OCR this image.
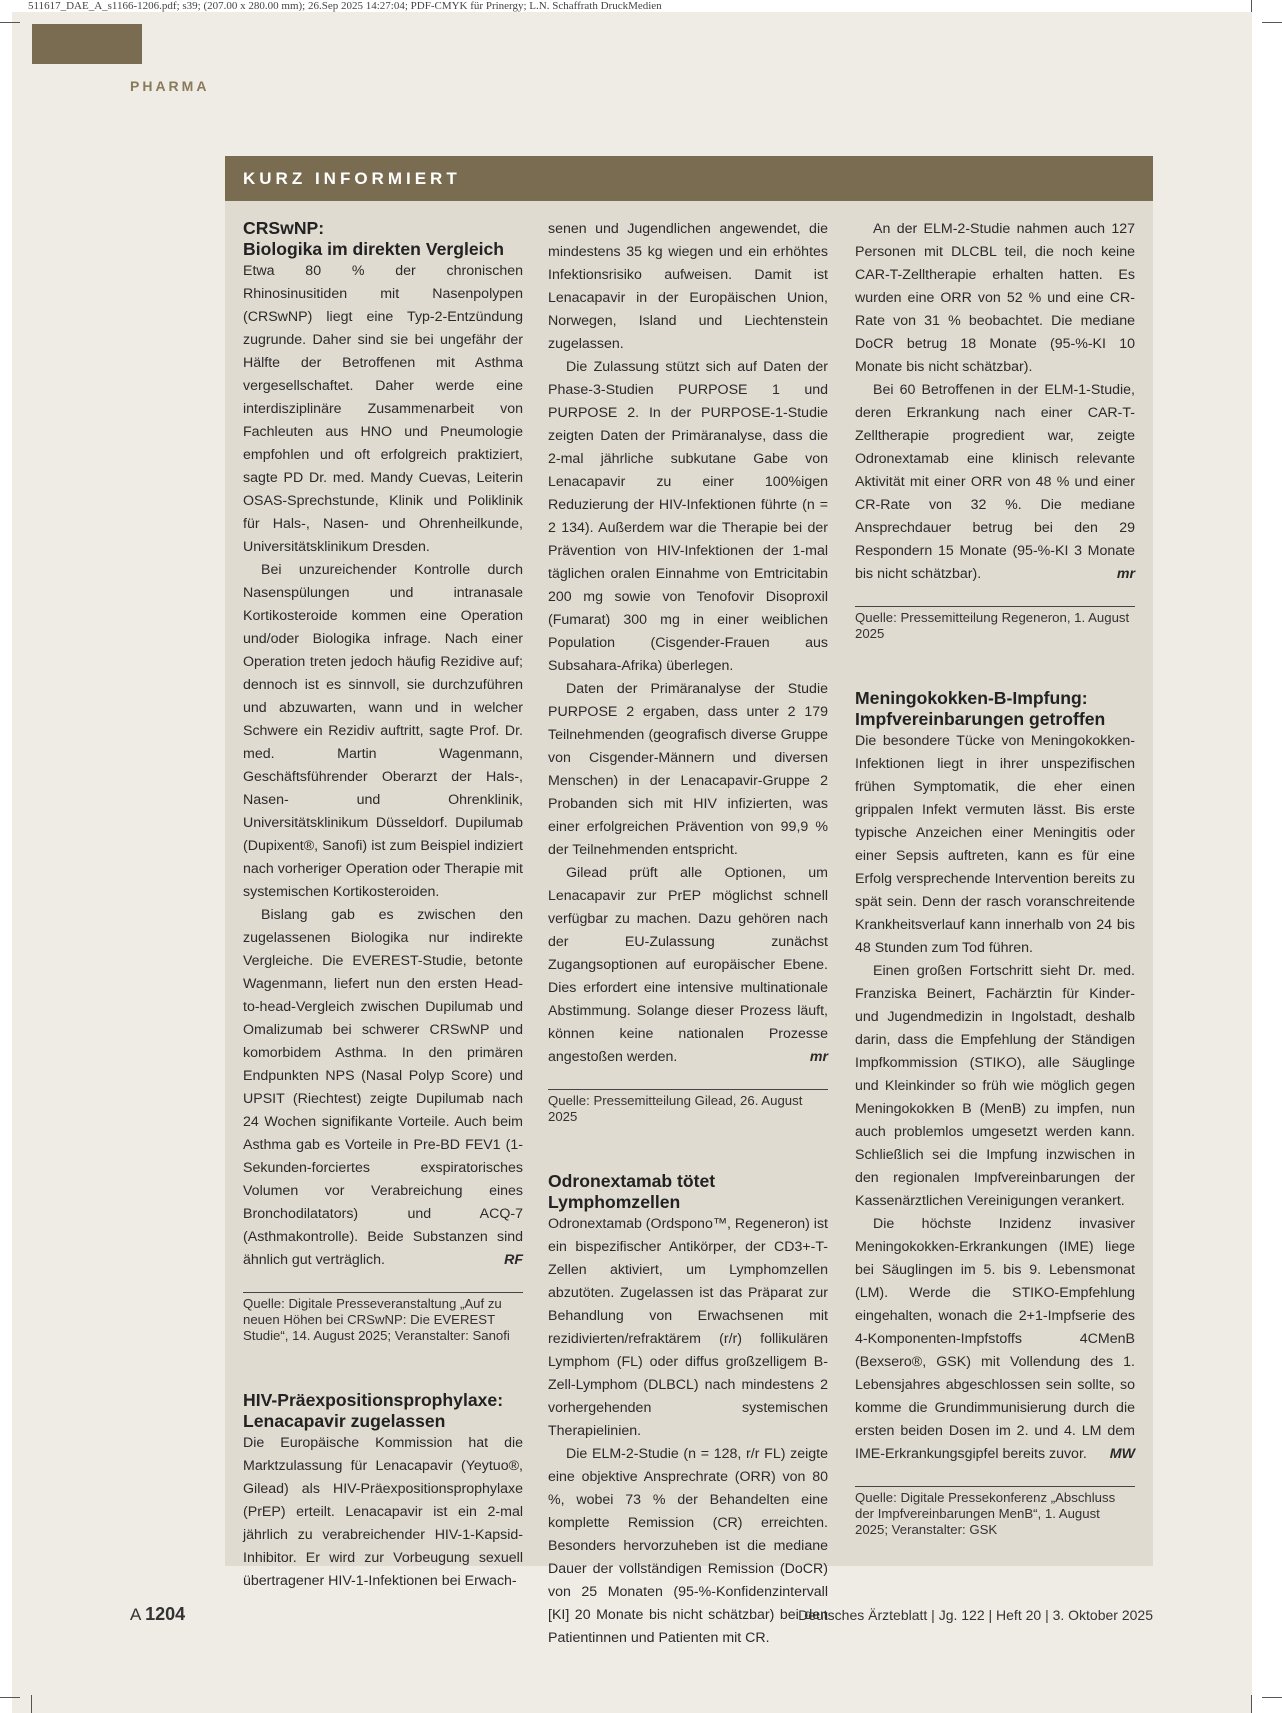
511617_DAE_A_s1166-1206.pdf; s39; (207.00 x 280.00 mm); 26.Sep 2025 14:27:04; PDF-CMYK für Prinergy; L.N. Schaffrath DruckMedien
PHARMA
KURZ INFORMIERT
CRSwNP:
Biologika im direkten Vergleich

Etwa 80 % der chronischen Rhinosinusitiden mit Nasenpolypen (CRSwNP) liegt eine Typ-2-Entzündung zugrunde. Daher sind sie bei ungefähr der Hälfte der Betroffenen mit Asthma vergesellschaftet. Daher werde eine interdisziplinäre Zusammenarbeit von Fachleuten aus HNO und Pneumologie empfohlen und oft erfolgreich praktiziert, sagte PD Dr. med. Mandy Cuevas, Leiterin OSAS-Sprechstunde, Klinik und Poliklinik für Hals-, Nasen- und Ohrenheilkunde, Universitätsklinikum Dresden.

Bei unzureichender Kontrolle durch Nasenspülungen und intranasale Kortikosteroide kommen eine Operation und/oder Biologika infrage. Nach einer Operation treten jedoch häufig Rezidive auf; dennoch ist es sinnvoll, sie durchzuführen und abzuwarten, wann und in welcher Schwere ein Rezidiv auftritt, sagte Prof. Dr. med. Martin Wagenmann, Geschäftsführender Oberarzt der Hals-, Nasen- und Ohrenklinik, Universitätsklinikum Düsseldorf. Dupilumab (Dupixent®, Sanofi) ist zum Beispiel indiziert nach vorheriger Operation oder Therapie mit systemischen Kortikosteroiden.

Bislang gab es zwischen den zugelassenen Biologika nur indirekte Vergleiche. Die EVEREST-Studie, betonte Wagenmann, liefert nun den ersten Head-to-head-Vergleich zwischen Dupilumab und Omalizumab bei schwerer CRSwNP und komorbidem Asthma. In den primären Endpunkten NPS (Nasal Polyp Score) und UPSIT (Riechtest) zeigte Dupilumab nach 24 Wochen signifikante Vorteile. Auch beim Asthma gab es Vorteile in Pre-BD FEV1 (1-Sekunden-forciertes exspiratorisches Volumen vor Verabreichung eines Bronchodilatators) und ACQ-7 (Asthmakontrolle). Beide Substanzen sind ähnlich gut verträglich.	RF

Quelle: Digitale Presseveranstaltung „Auf zu neuen Höhen bei CRSwNP: Die EVEREST Studie“, 14. August 2025; Veranstalter: Sanofi
HIV-Präexpositionsprophylaxe:
Lenacapavir zugelassen

Die Europäische Kommission hat die Marktzulassung für Lenacapavir (Yeytuo®, Gilead) als HIV-Präexpositionsprophylaxe (PrEP) erteilt. Lenacapavir ist ein 2-mal jährlich zu verabreichender HIV-1-Kapsid-Inhibitor. Er wird zur Vorbeugung sexuell übertragener HIV-1-Infektionen bei Erwach-

senen und Jugendlichen angewendet, die mindestens 35 kg wiegen und ein erhöhtes Infektionsrisiko aufweisen. Damit ist Lenacapavir in der Europäischen Union, Norwegen, Island und Liechtenstein zugelassen.

Die Zulassung stützt sich auf Daten der Phase-3-Studien PURPOSE 1 und PURPOSE 2. In der PURPOSE-1-Studie zeigten Daten der Primäranalyse, dass die 2-mal jährliche subkutane Gabe von Lenacapavir zu einer 100%igen Reduzierung der HIV-Infektionen führte (n = 2 134). Außerdem war die Therapie bei der Prävention von HIV-Infektionen der 1-mal täglichen oralen Einnahme von Emtricitabin 200 mg sowie von Tenofovir Disoproxil (Fumarat) 300 mg in einer weiblichen Population (Cisgender-Frauen aus Subsahara-Afrika) überlegen.

Daten der Primäranalyse der Studie PURPOSE 2 ergaben, dass unter 2 179 Teilnehmenden (geografisch diverse Gruppe von Cisgender-Männern und diversen Menschen) in der Lenacapavir-Gruppe 2 Probanden sich mit HIV infizierten, was einer erfolgreichen Prävention von 99,9 % der Teilnehmenden entspricht.

Gilead prüft alle Optionen, um Lenacapavir zur PrEP möglichst schnell verfügbar zu machen. Dazu gehören nach der EU-Zulassung zunächst Zugangsoptionen auf europäischer Ebene. Dies erfordert eine intensive multinationale Abstimmung. Solange dieser Prozess läuft, können keine nationalen Prozesse angestoßen werden.	mr

Quelle: Pressemitteilung Gilead, 26. August 2025
Odronextamab tötet
Lymphomzellen

Odronextamab (Ordspono™, Regeneron) ist ein bispezifischer Antikörper, der CD3+-T-Zellen aktiviert, um Lymphomzellen abzutöten. Zugelassen ist das Präparat zur Behandlung von Erwachsenen mit rezidivierten/refraktärem (r/r) follikulären Lymphom (FL) oder diffus großzelligem B-Zell-Lymphom (DLBCL) nach mindestens 2 vorhergehenden systemischen Therapielinien.

Die ELM-2-Studie (n = 128, r/r FL) zeigte eine objektive Ansprechrate (ORR) von 80 %, wobei 73 % der Behandelten eine komplette Remission (CR) erreichten. Besonders hervorzuheben ist die mediane Dauer der vollständigen Remission (DoCR) von 25 Monaten (95-%-Konfidenzintervall [KI] 20 Monate bis nicht schätzbar) bei den Patientinnen und Patienten mit CR.

An der ELM-2-Studie nahmen auch 127 Personen mit DLCBL teil, die noch keine CAR-T-Zelltherapie erhalten hatten. Es wurden eine ORR von 52 % und eine CR-Rate von 31 % beobachtet. Die mediane DoCR betrug 18 Monate (95-%-KI 10 Monate bis nicht schätzbar).

Bei 60 Betroffenen in der ELM-1-Studie, deren Erkrankung nach einer CAR-T-Zelltherapie progredient war, zeigte Odronextamab eine klinisch relevante Aktivität mit einer ORR von 48 % und einer CR-Rate von 32 %. Die mediane Ansprechdauer betrug bei den 29 Respondern 15 Monate (95-%-KI 3 Monate bis nicht schätzbar).	mr

Quelle: Pressemitteilung Regeneron, 1. August 2025
Meningokokken-B-Impfung:
Impfvereinbarungen getroffen

Die besondere Tücke von Meningokokken-Infektionen liegt in ihrer unspezifischen frühen Symptomatik, die eher einen grippalen Infekt vermuten lässt. Bis erste typische Anzeichen einer Meningitis oder einer Sepsis auftreten, kann es für eine Erfolg versprechende Intervention bereits zu spät sein. Denn der rasch voranschreitende Krankheitsverlauf kann innerhalb von 24 bis 48 Stunden zum Tod führen.

Einen großen Fortschritt sieht Dr. med. Franziska Beinert, Fachärztin für Kinder- und Jugendmedizin in Ingolstadt, deshalb darin, dass die Empfehlung der Ständigen Impfkommission (STIKO), alle Säuglinge und Kleinkinder so früh wie möglich gegen Meningokokken B (MenB) zu impfen, nun auch problemlos umgesetzt werden kann. Schließlich sei die Impfung inzwischen in den regionalen Impfvereinbarungen der Kassenärztlichen Vereinigungen verankert.

Die höchste Inzidenz invasiver Meningokokken-Erkrankungen (IME) liege bei Säuglingen im 5. bis 9. Lebensmonat (LM). Werde die STIKO-Empfehlung eingehalten, wonach die 2+1-Impfserie des 4-Komponenten-Impfstoffs 4CMenB (Bexsero®, GSK) mit Vollendung des 1. Lebensjahres abgeschlossen sein sollte, so komme die Grundimmunisierung durch die ersten beiden Dosen im 2. und 4. LM dem IME-Erkrankungsgipfel bereits zuvor. MW

Quelle: Digitale Pressekonferenz „Abschluss der Impfvereinbarungen MenB“, 1. August 2025; Veranstalter: GSK
A 1204	Deutsches Ärzteblatt | Jg. 122 | Heft 20 | 3. Oktober 2025
